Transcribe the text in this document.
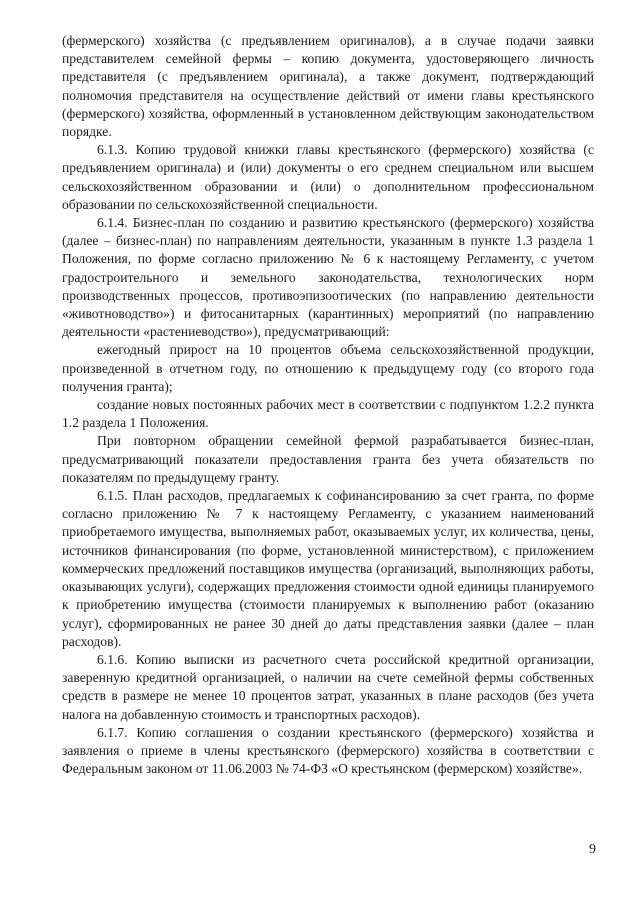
(фермерского) хозяйства (с предъявлением оригиналов), а в случае подачи заявки представителем семейной фермы – копию документа, удостоверяющего личность представителя (с предъявлением оригинала), а также документ, подтверждающий полномочия представителя на осуществление действий от имени главы крестьянского (фермерского) хозяйства, оформленный в установленном действующим законодательством порядке.

6.1.3. Копию трудовой книжки главы крестьянского (фермерского) хозяйства (с предъявлением оригинала) и (или) документы о его среднем специальном или высшем сельскохозяйственном образовании и (или) о дополнительном профессиональном образовании по сельскохозяйственной специальности.

6.1.4. Бизнес-план по созданию и развитию крестьянского (фермерского) хозяйства (далее – бизнес-план) по направлениям деятельности, указанным в пункте 1.3 раздела 1 Положения, по форме согласно приложению № 6 к настоящему Регламенту, с учетом градостроительного и земельного законодательства, технологических норм производственных процессов, противоэпизоотических (по направлению деятельности «животноводство») и фитосанитарных (карантинных) мероприятий (по направлению деятельности «растениеводство»), предусматривающий:

ежегодный прирост на 10 процентов объема сельскохозяйственной продукции, произведенной в отчетном году, по отношению к предыдущему году (со второго года получения гранта);

создание новых постоянных рабочих мест в соответствии с подпунктом 1.2.2 пункта 1.2 раздела 1 Положения.

При повторном обращении семейной фермой разрабатывается бизнес-план, предусматривающий показатели предоставления гранта без учета обязательств по показателям по предыдущему гранту.

6.1.5. План расходов, предлагаемых к софинансированию за счет гранта, по форме согласно приложению № 7 к настоящему Регламенту, с указанием наименований приобретаемого имущества, выполняемых работ, оказываемых услуг, их количества, цены, источников финансирования (по форме, установленной министерством), с приложением коммерческих предложений поставщиков имущества (организаций, выполняющих работы, оказывающих услуги), содержащих предложения стоимости одной единицы планируемого к приобретению имущества (стоимости планируемых к выполнению работ (оказанию услуг), сформированных не ранее 30 дней до даты представления заявки (далее – план расходов).

6.1.6. Копию выписки из расчетного счета российской кредитной организации, заверенную кредитной организацией, о наличии на счете семейной фермы собственных средств в размере не менее 10 процентов затрат, указанных в плане расходов (без учета налога на добавленную стоимость и транспортных расходов).

6.1.7. Копию соглашения о создании крестьянского (фермерского) хозяйства и заявления о приеме в члены крестьянского (фермерского) хозяйства в соответствии с Федеральным законом от 11.06.2003 № 74-ФЗ «О крестьянском (фермерском) хозяйстве».

9
